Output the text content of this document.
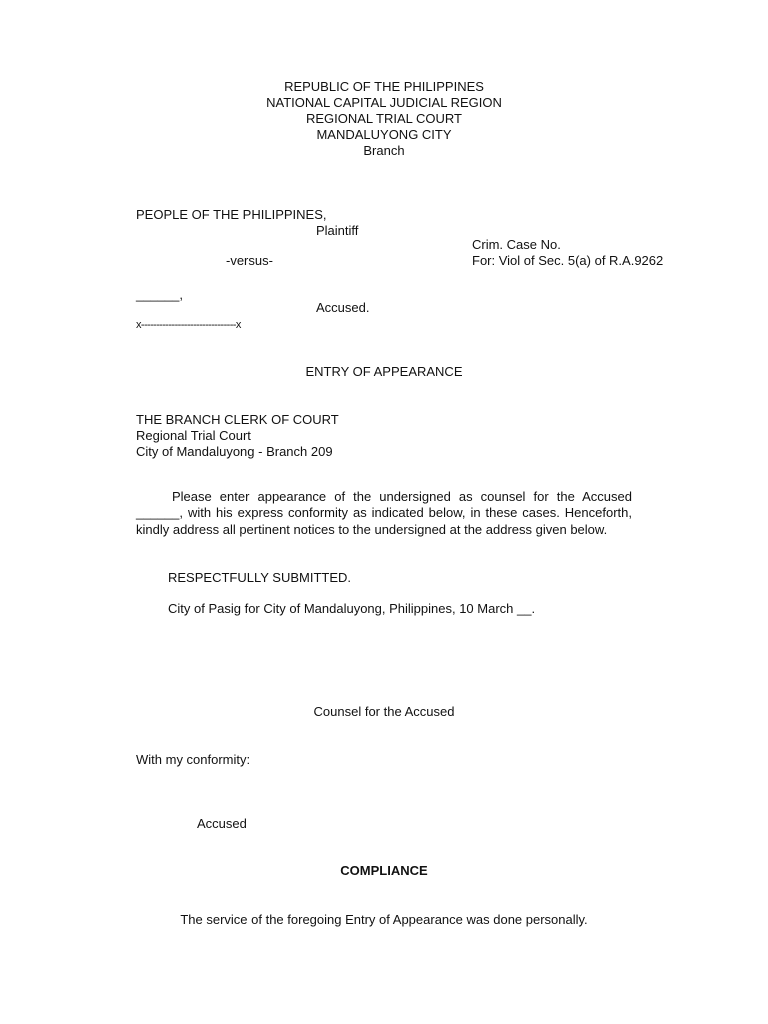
REPUBLIC OF THE PHILIPPINES
NATIONAL CAPITAL JUDICIAL REGION
REGIONAL TRIAL COURT
MANDALUYONG CITY
Branch
PEOPLE OF THE PHILIPPINES,
Plaintiff
Crim. Case No.
-versus-	For: Viol of Sec. 5(a) of R.A.9262
______,
Accused.
x-------------------------------x
ENTRY OF APPEARANCE
THE BRANCH CLERK OF COURT
Regional Trial Court
City of Mandaluyong - Branch 209
Please enter appearance of the undersigned as counsel for the Accused ______, with his express conformity as indicated below, in these cases. Henceforth, kindly address all pertinent notices to the undersigned at the address given below.
RESPECTFULLY SUBMITTED.
City of Pasig for City of Mandaluyong, Philippines, 10 March __.
Counsel for the Accused
With my conformity:
Accused
COMPLIANCE
The service of the foregoing Entry of Appearance was done personally.
